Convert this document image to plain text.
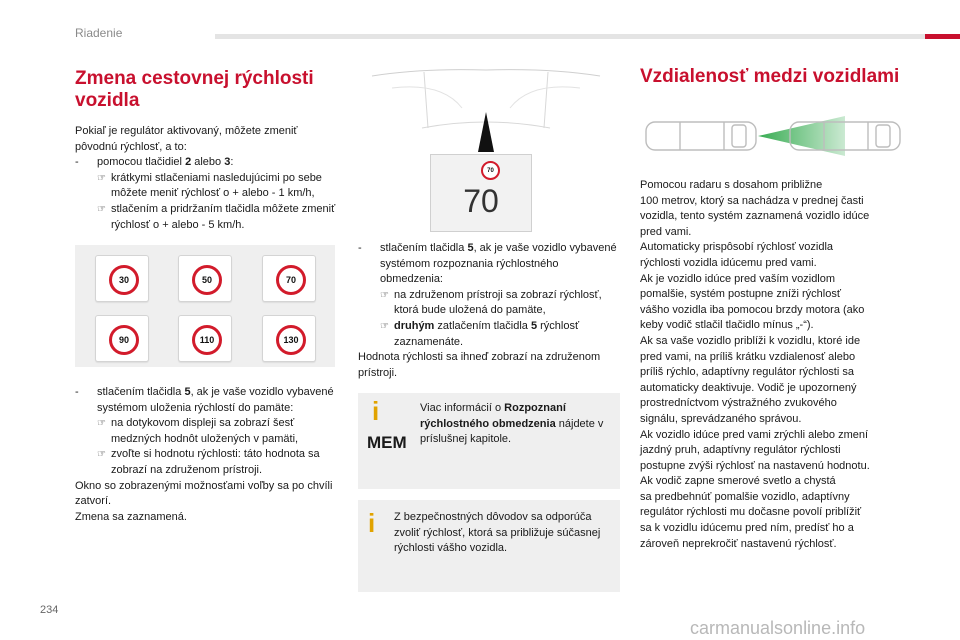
Riadenie
Zmena cestovnej rýchlosti vozidla

Pokiaľ je regulátor aktivovaný, môžete zmeniť pôvodnú rýchlosť, a to:

- pomocou tlačidiel 2 alebo 3:

☞ krátkymi stlačeniami nasledujúcimi po sebe môžete meniť rýchlosť o + alebo - 1 km/h,

☞ stlačením a pridržaním tlačidla môžete zmeniť rýchlosť o + alebo - 5 km/h.

30	50	70
90	110	130

- stlačením tlačidla 5, ak je vaše vozidlo vybavené systémom uloženia rýchlostí do pamäte:

☞ na dotykovom displeji sa zobrazí šesť medzných hodnôt uložených v pamäti,

☞ zvoľte si hodnotu rýchlosti: táto hodnota sa zobrazí na združenom prístroji.

Okno so zobrazenými možnosťami voľby sa po chvíli zatvorí.

Zmena sa zaznamená.

70
70

- stlačením tlačidla 5, ak je vaše vozidlo vybavené systémom rozpoznania rýchlostného obmedzenia:

☞ na združenom prístroji sa zobrazí rýchlosť, ktorá bude uložená do pamäte,

☞ druhým zatlačením tlačidla 5 rýchlosť zaznamenáte.

Hodnota rýchlosti sa ihneď zobrazí na združenom prístroji.

i
MEM
Viac informácií o Rozpoznaní rýchlostného obmedzenia nájdete v príslušnej kapitole.
i Z bezpečnostných dôvodov sa odporúča zvoliť rýchlosť, ktorá sa približuje súčasnej rýchlosti vášho vozidla.
Vzdialenosť medzi vozidlami

Pomocou radaru s dosahom približne

100 metrov, ktorý sa nachádza v prednej časti

vozidla, tento systém zaznamená vozidlo idúce

pred vami.

Automaticky prispôsobí rýchlosť vozidla

rýchlosti vozidla idúcemu pred vami.

Ak je vozidlo idúce pred vaším vozidlom

pomalšie, systém postupne zníži rýchlosť

vášho vozidla iba pomocou brzdy motora (ako

keby vodič stlačil tlačidlo mínus „-“).

Ak sa vaše vozidlo priblíži k vozidlu, ktoré ide

pred vami, na príliš krátku vzdialenosť alebo

príliš rýchlo, adaptívny regulátor rýchlosti sa

automaticky deaktivuje. Vodič je upozornený

prostredníctvom výstražného zvukového

signálu, sprevádzaného správou.

Ak vozidlo idúce pred vami zrýchli alebo zmení

jazdný pruh, adaptívny regulátor rýchlosti

postupne zvýši rýchlosť na nastavenú hodnotu.

Ak vodič zapne smerové svetlo a chystá

sa predbehnúť pomalšie vozidlo, adaptívny

regulátor rýchlosti mu dočasne povolí priblížiť

sa k vozidlu idúcemu pred ním, predísť ho a

zároveň neprekročiť nastavenú rýchlosť.

234
carmanualsonline.info
